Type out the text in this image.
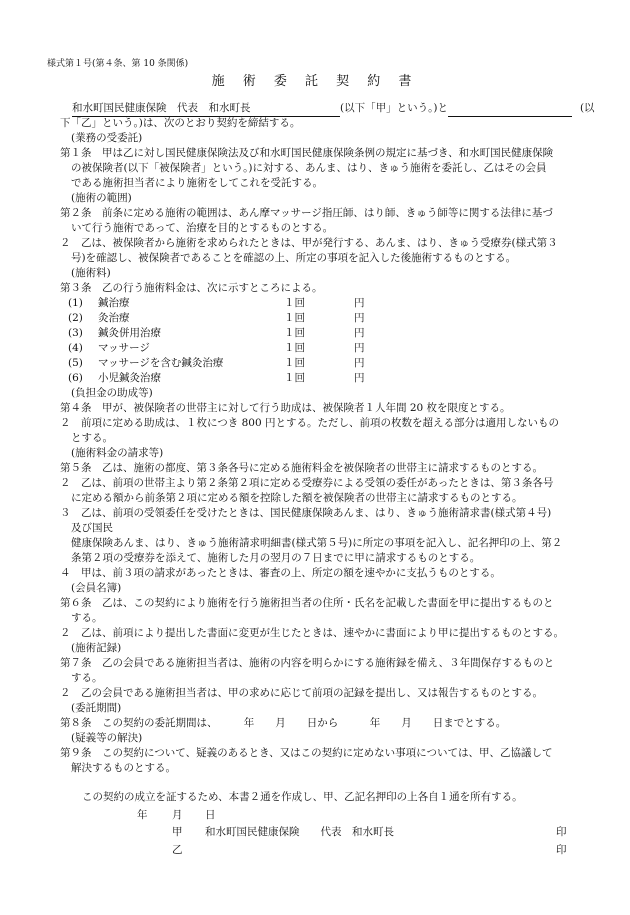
様式第１号(第４条、第 10 条関係)
施 術 委 託 契 約 書
和水町国民健康保険　代表　和水町長	(以下「甲」という。)と	(以
下「乙」という。)は、次のとおり契約を締結する。
(業務の受委託)
第１条　甲は乙に対し国民健康保険法及び和水町国民健康保険条例の規定に基づき、和水町国民健康保険
の被保険者(以下「被保険者」という。)に対する、あんま、はり、きゅう施術を委託し、乙はその会員
である施術担当者により施術をしてこれを受託する。
(施術の範囲)
第２条　前条に定める施術の範囲は、あん摩マッサージ指圧師、はり師、きゅう師等に関する法律に基づ
いて行う施術であって、治療を目的とするものとする。
２　乙は、被保険者から施術を求められたときは、甲が発行する、あんま、はり、きゅう受療券(様式第３
号)を確認し、被保険者であることを確認の上、所定の事項を記入した後施術するものとする。
(施術料)
第３条　乙の行う施術料金は、次に示すところによる。
(1)	鍼治療	１回	円
(2)	灸治療	１回	円
(3)	鍼灸併用治療	１回	円
(4)	マッサージ	１回	円
(5)	マッサージを含む鍼灸治療	１回	円
(6)	小児鍼灸治療	１回	円
(負担金の助成等)
第４条　甲が、被保険者の世帯主に対して行う助成は、被保険者１人年間 20 枚を限度とする。
２　前項に定める助成は、１枚につき 800 円とする。ただし、前項の枚数を超える部分は適用しないもの
とする。
(施術料金の請求等)
第５条　乙は、施術の都度、第３条各号に定める施術料金を被保険者の世帯主に請求するものとする。
２　乙は、前項の世帯主より第２条第２項に定める受療券による受領の委任があったときは、第３条各号
に定める額から前条第２項に定める額を控除した額を被保険者の世帯主に請求するものとする。
３　乙は、前項の受領委任を受けたときは、国民健康保険あんま、はり、きゅう施術請求書(様式第４号)
及び国民
健康保険あんま、はり、きゅう施術請求明細書(様式第５号)に所定の事項を記入し、記名押印の上、第２
条第２項の受療券を添えて、施術した月の翌月の７日までに甲に請求するものとする。
４　甲は、前３項の請求があったときは、審査の上、所定の額を速やかに支払うものとする。
(会員名簿)
第６条　乙は、この契約により施術を行う施術担当者の住所・氏名を記載した書面を甲に提出するものと
する。
２　乙は、前項により提出した書面に変更が生じたときは、速やかに書面により甲に提出するものとする。
(施術記録)
第７条　乙の会員である施術担当者は、施術の内容を明らかにする施術録を備え、３年間保存するものと
する。
２　乙の会員である施術担当者は、甲の求めに応じて前項の記録を提出し、又は報告するものとする。
(委託期間)
第８条　この契約の委託期間は、　　　年　　月　　日から　　　年　　月　　日までとする。
(疑義等の解決)
第９条　この契約について、疑義のあるとき、又はこの契約に定めない事項については、甲、乙協議して
解決するものとする。
この契約の成立を証するため、本書２通を作成し、甲、乙記名押印の上各自１通を所有する。
年 月 日
甲 和水町国民健康保険　　代表　和水町長	印
乙	印
